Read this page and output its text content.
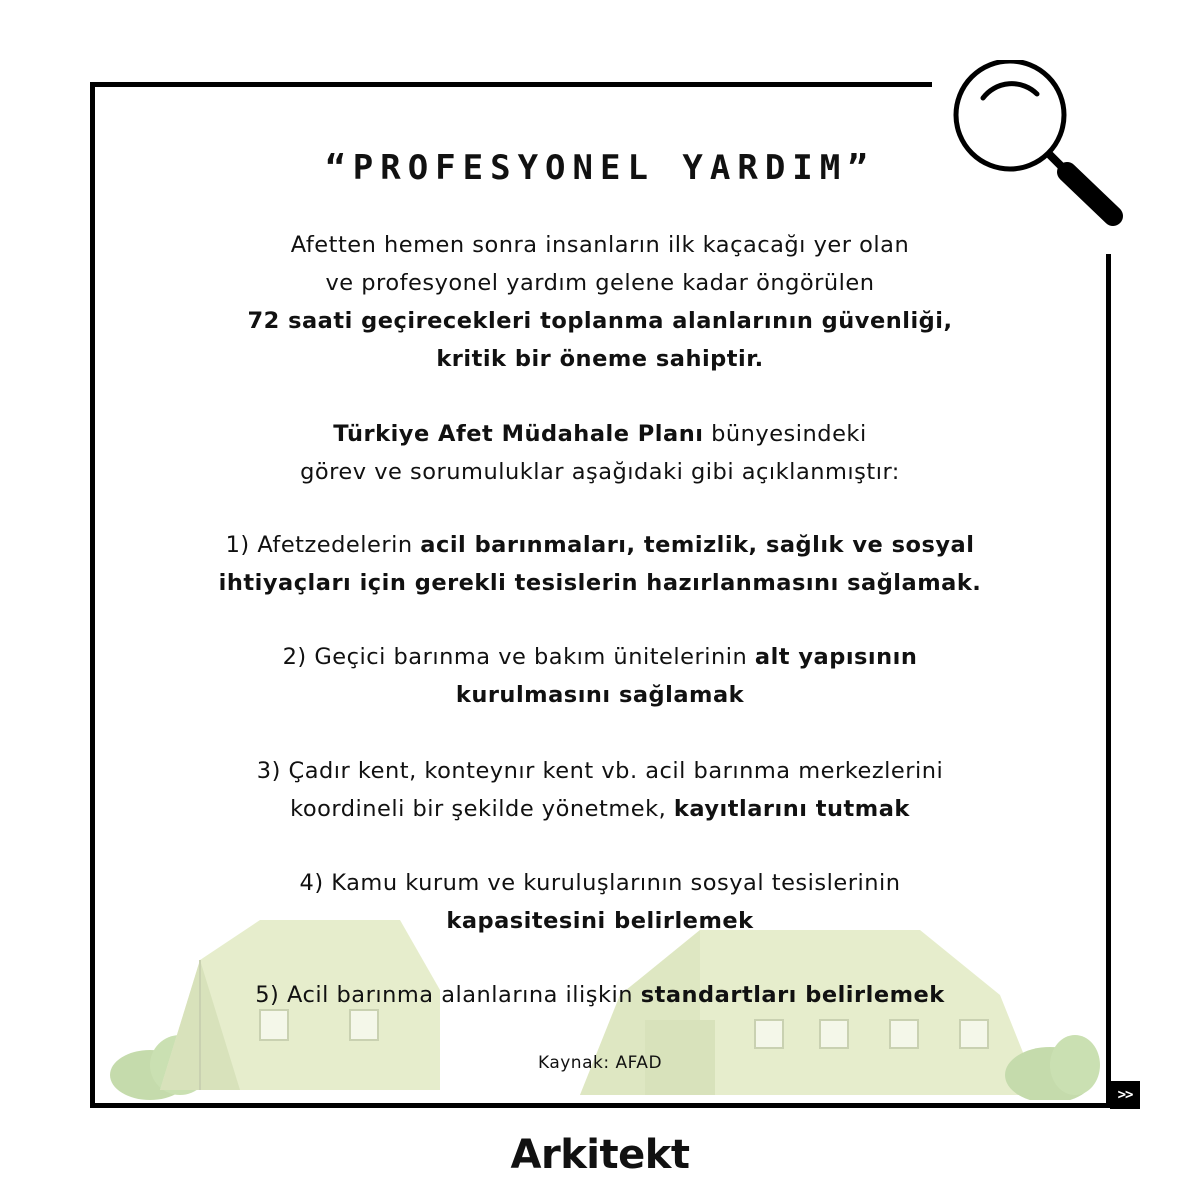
“PROFESYONEL YARDIM”
Afetten hemen sonra insanların ilk kaçacağı yer olan
ve profesyonel yardım gelene kadar öngörülen
72 saati geçirecekleri toplanma alanlarının güvenliği,
kritik bir öneme sahiptir.
Türkiye Afet Müdahale Planı bünyesindeki
görev ve sorumuluklar aşağıdaki gibi açıklanmıştır:
1) Afetzedelerin acil barınmaları, temizlik, sağlık ve sosyal
ihtiyaçları için gerekli tesislerin hazırlanmasını sağlamak.
2) Geçici barınma ve bakım ünitelerinin alt yapısının
kurulmasını sağlamak
3) Çadır kent, konteynır kent vb. acil barınma merkezlerini
koordineli bir şekilde yönetmek, kayıtlarını tutmak
4) Kamu kurum ve kuruluşlarının sosyal tesislerinin
kapasitesini belirlemek
5) Acil barınma alanlarına ilişkin standartları belirlemek
Kaynak: AFAD
>>
Arkitekt
